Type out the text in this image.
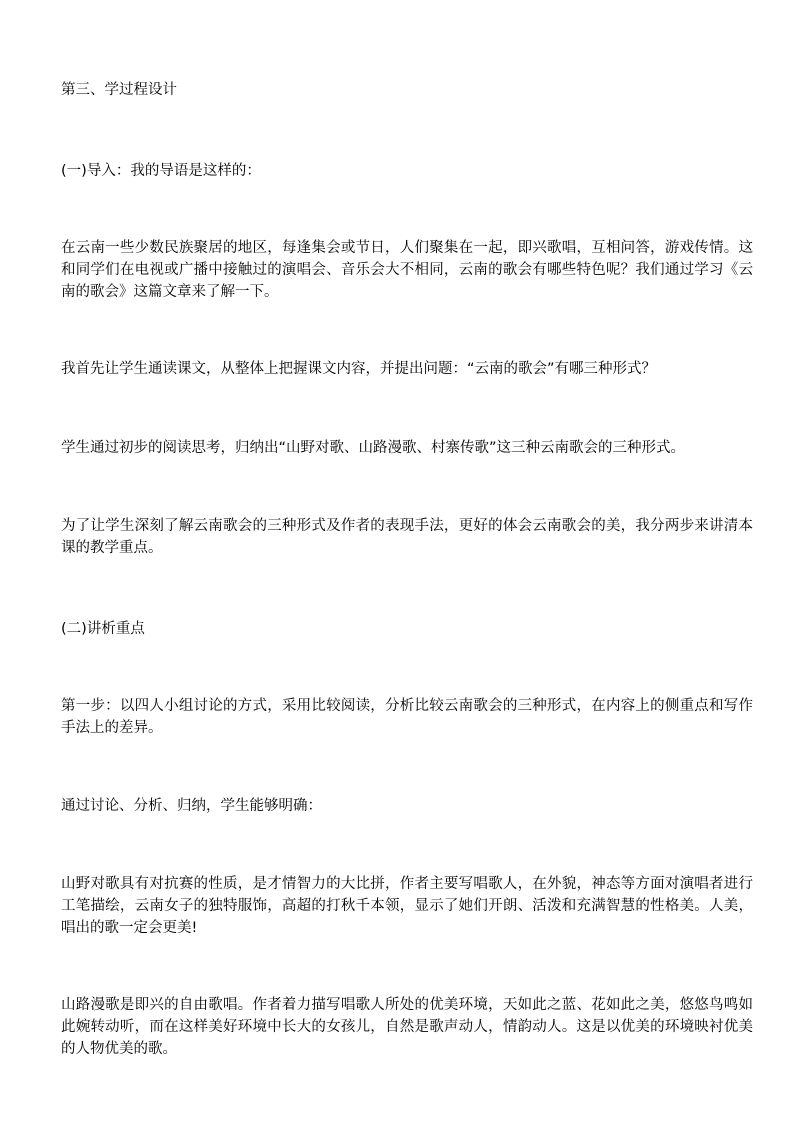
第三、学过程设计

(一)导入：我的导语是这样的：

在云南一些少数民族聚居的地区，每逢集会或节日，人们聚集在一起，即兴歌唱，互相问答，游戏传情。这和同学们在电视或广播中接触过的演唱会、音乐会大不相同，云南的歌会有哪些特色呢？我们通过学习《云南的歌会》这篇文章来了解一下。

我首先让学生通读课文，从整体上把握课文内容，并提出问题：“云南的歌会”有哪三种形式？

学生通过初步的阅读思考，归纳出“山野对歌、山路漫歌、村寨传歌”这三种云南歌会的三种形式。

为了让学生深刻了解云南歌会的三种形式及作者的表现手法，更好的体会云南歌会的美，我分两步来讲清本课的教学重点。

(二)讲析重点

第一步：以四人小组讨论的方式，采用比较阅读，分析比较云南歌会的三种形式，在内容上的侧重点和写作手法上的差异。

通过讨论、分析、归纳，学生能够明确：

山野对歌具有对抗赛的性质，是才情智力的大比拼，作者主要写唱歌人，在外貌，神态等方面对演唱者进行工笔描绘，云南女子的独特服饰，高超的打秋千本领，显示了她们开朗、活泼和充满智慧的性格美。人美，唱出的歌一定会更美!

山路漫歌是即兴的自由歌唱。作者着力描写唱歌人所处的优美环境，天如此之蓝、花如此之美，悠悠鸟鸣如此婉转动听，而在这样美好环境中长大的女孩儿，自然是歌声动人，情韵动人。这是以优美的环境映衬优美的人物优美的歌。
